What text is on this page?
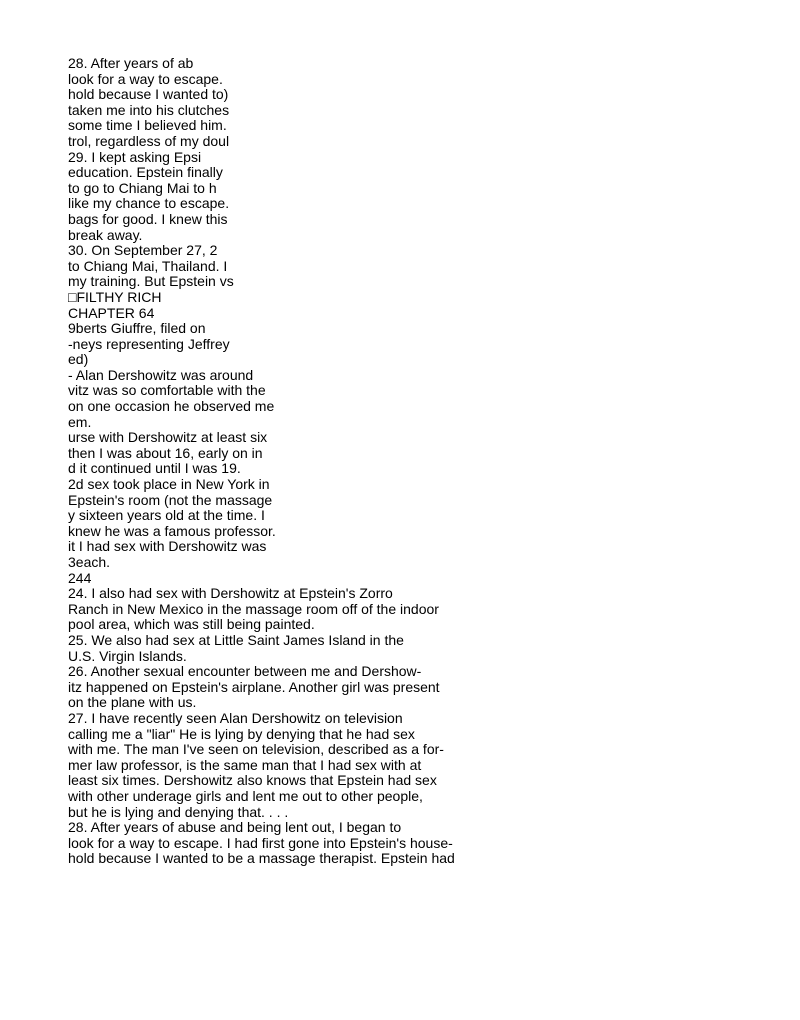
28. After years of ab
look for a way to escape.
hold because I wanted to)
taken me into his clutches
some time I believed him.
trol, regardless of my doul
29. I kept asking Epsi
education. Epstein finally
to go to Chiang Mai to h
like my chance to escape.
bags for good. I knew this
break away.
30. On September 27, 2
to Chiang Mai, Thailand. I
my training. But Epstein vs
□FILTHY RICH
CHAPTER 64
9berts Giuffre, filed on
-neys representing Jeffrey
ed)
- Alan Dershowitz was around
vitz was so comfortable with the
on one occasion he observed me
em.
urse with Dershowitz at least six
then I was about 16, early on in
d it continued until I was 19.
2d sex took place in New York in
Epstein's room (not the massage
y sixteen years old at the time. I
knew he was a famous professor.
it I had sex with Dershowitz was
3each.
244
24. I also had sex with Dershowitz at Epstein's Zorro
Ranch in New Mexico in the massage room off of the indoor
pool area, which was still being painted.
25. We also had sex at Little Saint James Island in the
U.S. Virgin Islands.
26. Another sexual encounter between me and Dershow-
itz happened on Epstein's airplane. Another girl was present
on the plane with us.
27. I have recently seen Alan Dershowitz on television
calling me a "liar" He is lying by denying that he had sex
with me. The man I've seen on television, described as a for-
mer law professor, is the same man that I had sex with at
least six times. Dershowitz also knows that Epstein had sex
with other underage girls and lent me out to other people,
but he is lying and denying that. . . .
28. After years of abuse and being lent out, I began to
look for a way to escape. I had first gone into Epstein's house-
hold because I wanted to be a massage therapist. Epstein had
